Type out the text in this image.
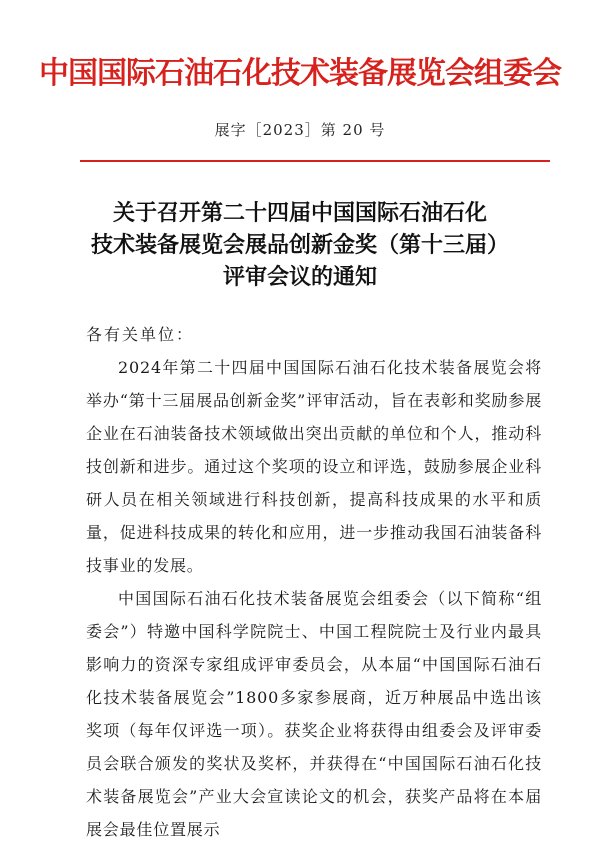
中国国际石油石化技术装备展览会组委会
展字［2023］第 20 号
关于召开第二十四届中国国际石油石化
技术装备展览会展品创新金奖（第十三届）
评审会议的通知
各有关单位：

2024年第二十四届中国国际石油石化技术装备展览会将举办“第十三届展品创新金奖”评审活动，旨在表彰和奖励参展企业在石油装备技术领域做出突出贡献的单位和个人，推动科技创新和进步。通过这个奖项的设立和评选，鼓励参展企业科研人员在相关领域进行科技创新，提高科技成果的水平和质量，促进科技成果的转化和应用，进一步推动我国石油装备科技事业的发展。

中国国际石油石化技术装备展览会组委会（以下简称“组委会”）特邀中国科学院院士、中国工程院院士及行业内最具影响力的资深专家组成评审委员会，从本届“中国国际石油石化技术装备展览会”1800多家参展商，近万种展品中选出该奖项（每年仅评选一项）。获奖企业将获得由组委会及评审委员会联合颁发的奖状及奖杯，并获得在“中国国际石油石化技术装备展览会”产业大会宣读论文的机会，获奖产品将在本届展会最佳位置展示
